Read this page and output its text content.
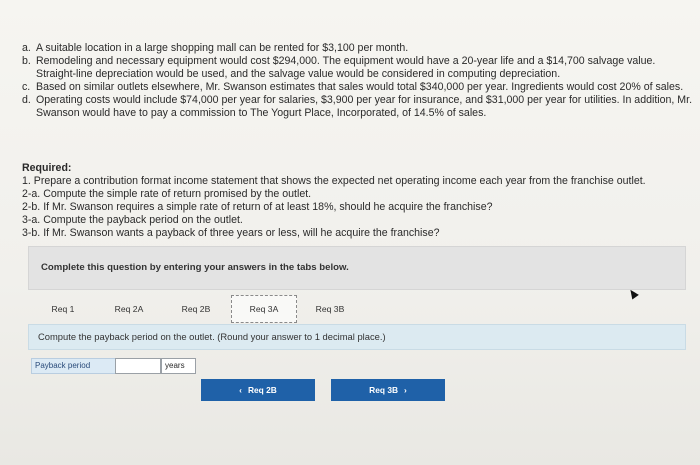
a. A suitable location in a large shopping mall can be rented for $3,100 per month.
b. Remodeling and necessary equipment would cost $294,000. The equipment would have a 20-year life and a $14,700 salvage value. Straight-line depreciation would be used, and the salvage value would be considered in computing depreciation.
c. Based on similar outlets elsewhere, Mr. Swanson estimates that sales would total $340,000 per year. Ingredients would cost 20% of sales.
d. Operating costs would include $74,000 per year for salaries, $3,900 per year for insurance, and $31,000 per year for utilities. In addition, Mr. Swanson would have to pay a commission to The Yogurt Place, Incorporated, of 14.5% of sales.
Required:
1. Prepare a contribution format income statement that shows the expected net operating income each year from the franchise outlet.
2-a. Compute the simple rate of return promised by the outlet.
2-b. If Mr. Swanson requires a simple rate of return of at least 18%, should he acquire the franchise?
3-a. Compute the payback period on the outlet.
3-b. If Mr. Swanson wants a payback of three years or less, will he acquire the franchise?
Complete this question by entering your answers in the tabs below.
Req 1	Req 2A	Req 2B	Req 3A	Req 3B
Compute the payback period on the outlet. (Round your answer to 1 decimal place.)
Payback period	years
‹ Req 2B	Req 3B ›
